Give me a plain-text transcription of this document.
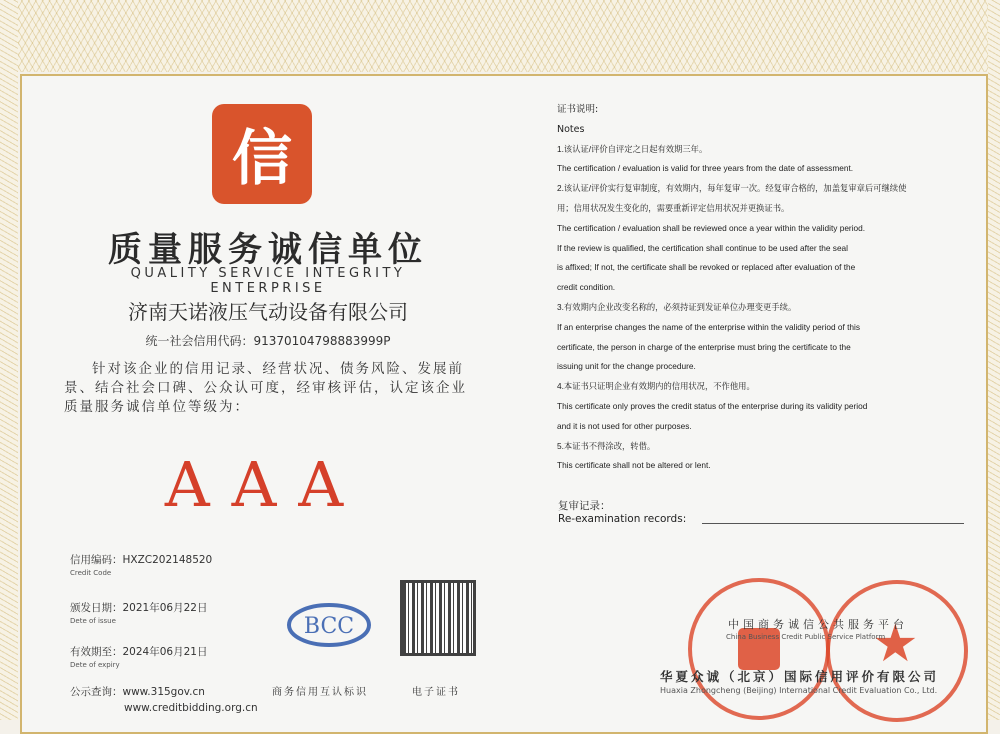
信
质量服务诚信单位
QUALITY SERVICE INTEGRITY ENTERPRISE
济南天诺液压气动设备有限公司
统一社会信用代码：91370104798883999P
针对该企业的信用记录、经营状况、债务风险、发展前景、结合社会口碑、公众认可度，经审核评估，认定该企业质量服务诚信单位等级为：
AAA
信用编码：HXZC202148520
Credit Code
颁发日期：2021年06月22日
Dete of issue
有效期至：2024年06月21日
Dete of expiry
公示查询：www.315gov.cn
www.creditbidding.org.cn
BCC
商务信用互认标识	电子证书
证书说明:
Notes
1.该认证/评价自评定之日起有效期三年。
The certification / evaluation is valid for three years from the date of assessment.
2.该认证/评价实行复审制度，有效期内，每年复审一次。经复审合格的，加盖复审章后可继续使
用；信用状况发生变化的，需要重新评定信用状况并更换证书。
The certification / evaluation shall be reviewed once a year within the validity period.
If the review is qualified, the certification shall continue to be used after the seal
is affixed; If not, the certificate shall be revoked or replaced after evaluation of the
credit condition.
3.有效期内企业改变名称的，必须持证到发证单位办理变更手续。
If an enterprise changes the name of the enterprise within the validity period of this
certificate, the person in charge of the enterprise must bring the certificate to the
issuing unit for the change procedure.
4.本证书只证明企业有效期内的信用状况，不作他用。
This certificate only proves the credit status of the enterprise during its validity period
and it is not used for other purposes.
5.本证书不得涂改，转借。
This certificate shall not be altered or lent.
复审记录：
Re-examination records:
★
中国商务诚信公共服务平台
China Business Credit Public Service Platform
华夏众诚（北京）国际信用评价有限公司
Huaxia Zhongcheng (Beijing) International Credit Evaluation Co., Ltd.
